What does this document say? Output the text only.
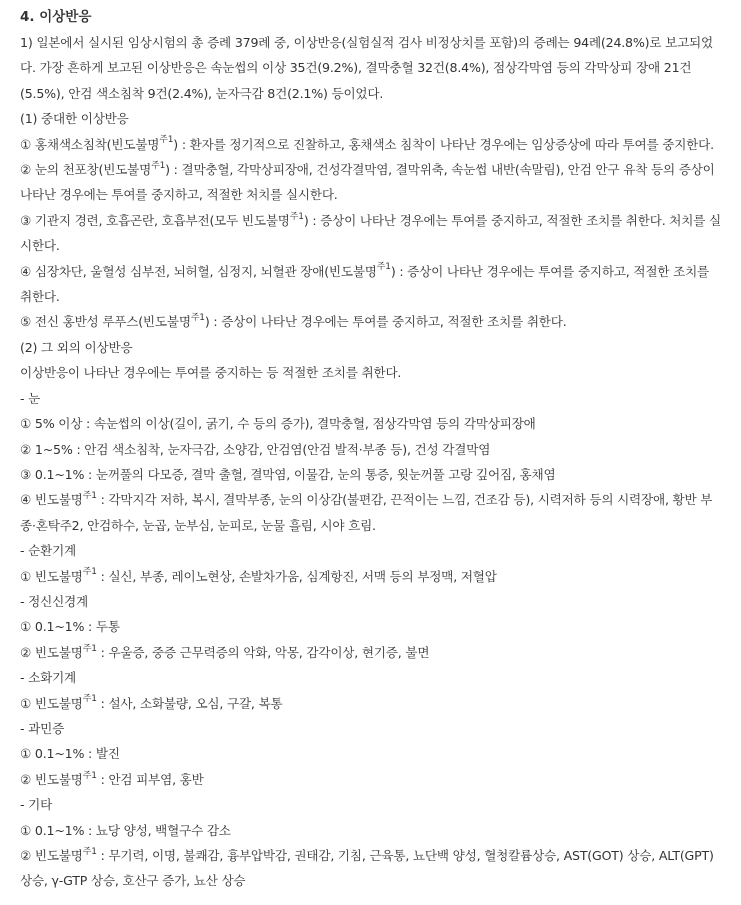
4. 이상반응

1) 일본에서 실시된 임상시험의 총 증례 379례 중, 이상반응(실험실적 검사 비정상치를 포함)의 증례는 94례(24.8%)로 보고되었다. 가장 흔하게 보고된 이상반응은 속눈썹의 이상 35건(9.2%), 결막충혈 32건(8.4%), 점상각막염 등의 각막상피 장애 21건(5.5%), 안검 색소침착 9건(2.4%), 눈자극감 8건(2.1%) 등이었다.

(1) 중대한 이상반응

① 홍채색소침착(빈도불명$^{주1}$) : 환자를 정기적으로 진찰하고, 홍채색소 침착이 나타난 경우에는 임상증상에 따라 투여를 중지한다.

② 눈의 천포창(빈도불명$^{주1}$) : 결막충혈, 각막상피장애, 건성각결막염, 결막위축, 속눈썹 내반(속말림), 안검 안구 유착 등의 증상이 나타난 경우에는 투여를 중지하고, 적절한 처치를 실시한다.

③ 기관지 경련, 호흡곤란, 호흡부전(모두 빈도불명$^{주1}$) : 증상이 나타난 경우에는 투여를 중지하고, 적절한 조치를 취한다. 처치를 실시한다.

④ 심장차단, 울혈성 심부전, 뇌허혈, 심정지, 뇌혈관 장애(빈도불명$^{주1}$) : 증상이 나타난 경우에는 투여를 중지하고, 적절한 조치를 취한다.

⑤ 전신 홍반성 루푸스(빈도불명$^{주1}$) : 증상이 나타난 경우에는 투여를 중지하고, 적절한 조치를 취한다.

(2) 그 외의 이상반응

이상반응이 나타난 경우에는 투여를 중지하는 등 적절한 조치를 취한다.

- 눈

① 5% 이상 : 속눈썹의 이상(길이, 굵기, 수 등의 증가), 결막충혈, 점상각막염 등의 각막상피장애

② 1~5% : 안검 색소침착, 눈자극감, 소양감, 안검염(안검 발적·부종 등), 건성 각결막염

③ 0.1~1% : 눈꺼풀의 다모증, 결막 출혈, 결막염, 이물감, 눈의 통증, 윗눈꺼풀 고랑 깊어짐, 홍채염

④ 빈도불명$^{주1}$ : 각막지각 저하, 복시, 결막부종, 눈의 이상감(불편감, 끈적이는 느낌, 건조감 등), 시력저하 등의 시력장애, 황반 부종·혼탁주2, 안검하수, 눈곱, 눈부심, 눈피로, 눈물 흘림, 시야 흐림.

- 순환기계

① 빈도불명$^{주1}$ : 실신, 부종, 레이노현상, 손발차가움, 심계항진, 서맥 등의 부정맥, 저혈압

- 정신신경계

① 0.1~1% : 두통

② 빈도불명$^{주1}$ : 우울증, 중증 근무력증의 악화, 악몽, 감각이상, 현기증, 불면

- 소화기계

① 빈도불명$^{주1}$ : 설사, 소화불량, 오심, 구갈, 복통

- 과민증

① 0.1~1% : 발진

② 빈도불명$^{주1}$ : 안검 피부염, 홍반

- 기타

① 0.1~1% : 뇨당 양성, 백혈구수 감소

② 빈도불명$^{주1}$ : 무기력, 이명, 불쾌감, 흉부압박감, 권태감, 기침, 근육통, 뇨단백 양성, 혈청칼륨상승, AST(GOT) 상승, ALT(GPT) 상승, γ-GTP 상승, 호산구 증가, 뇨산 상승
